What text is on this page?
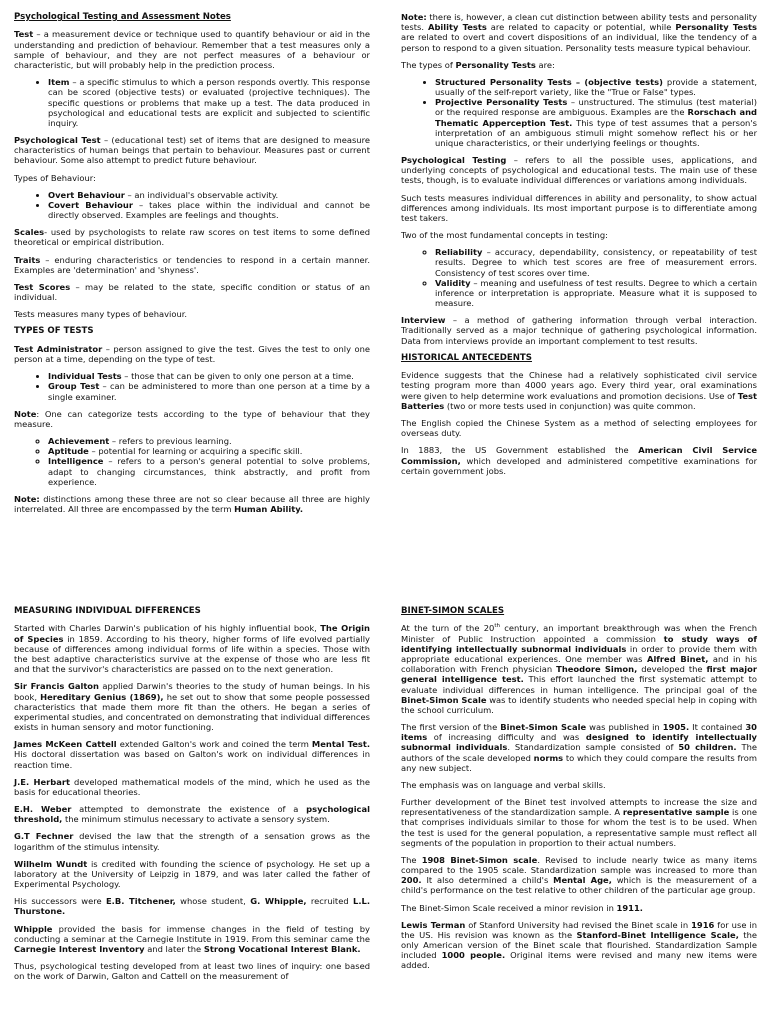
Psychological Testing and Assessment Notes

Test – a measurement device or technique used to quantify behaviour or aid in the understanding and prediction of behaviour. Remember that a test measures only a sample of behaviour, and they are not perfect measures of a behaviour or characteristic, but will probably help in the prediction process.

• Item – a specific stimulus to which a person responds overtly. This response can be scored (objective tests) or evaluated (projective techniques). The specific questions or problems that make up a test. The data produced in psychological and educational tests are explicit and subjected to scientific inquiry.

Psychological Test – (educational test) set of items that are designed to measure characteristics of human beings that pertain to behaviour. Measures past or current behaviour. Some also attempt to predict future behaviour.

Types of Behaviour:

• Overt Behaviour – an individual's observable activity.
• Covert Behaviour – takes place within the individual and cannot be directly observed. Examples are feelings and thoughts.

Scales- used by psychologists to relate raw scores on test items to some defined theoretical or empirical distribution.

Traits – enduring characteristics or tendencies to respond in a certain manner. Examples are 'determination' and 'shyness'.

Test Scores – may be related to the state, specific condition or status of an individual.

Tests measures many types of behaviour.

TYPES OF TESTS

Test Administrator – person assigned to give the test. Gives the test to only one person at a time, depending on the type of test.

• Individual Tests – those that can be given to only one person at a time.
• Group Test – can be administered to more than one person at a time by a single examiner.

Note: One can categorize tests according to the type of behaviour that they measure.

◦ Achievement – refers to previous learning.
◦ Aptitude – potential for learning or acquiring a specific skill.
◦ Intelligence – refers to a person's general potential to solve problems, adapt to changing circumstances, think abstractly, and profit from experience.

Note: distinctions among these three are not so clear because all three are highly interrelated. All three are encompassed by the term Human Ability.

Note: there is, however, a clean cut distinction between ability tests and personality tests. Ability Tests are related to capacity or potential, while Personality Tests are related to overt and covert dispositions of an individual, like the tendency of a person to respond to a given situation. Personality tests measure typical behaviour.

The types of Personality Tests are:

• Structured Personality Tests – (objective tests) provide a statement, usually of the self-report variety, like the "True or False" types.
• Projective Personality Tests – unstructured. The stimulus (test material) or the required response are ambiguous. Examples are the Rorschach and Thematic Apperception Test. This type of test assumes that a person's interpretation of an ambiguous stimuli might somehow reflect his or her unique characteristics, or their underlying feelings or thoughts.

Psychological Testing – refers to all the possible uses, applications, and underlying concepts of psychological and educational tests. The main use of these tests, though, is to evaluate individual differences or variations among individuals.

Such tests measures individual differences in ability and personality, to show actual differences among individuals. Its most important purpose is to differentiate among test takers.

Two of the most fundamental concepts in testing:

◦ Reliability – accuracy, dependability, consistency, or repeatability of test results. Degree to which test scores are free of measurement errors. Consistency of test scores over time.
◦ Validity – meaning and usefulness of test results. Degree to which a certain inference or interpretation is appropriate. Measure what it is supposed to measure.

Interview – a method of gathering information through verbal interaction. Traditionally served as a major technique of gathering psychological information. Data from interviews provide an important complement to test results.

HISTORICAL ANTECEDENTS

Evidence suggests that the Chinese had a relatively sophisticated civil service testing program more than 4000 years ago. Every third year, oral examinations were given to help determine work evaluations and promotion decisions. Use of Test Batteries (two or more tests used in conjunction) was quite common.

The English copied the Chinese System as a method of selecting employees for overseas duty.

In 1883, the US Government established the American Civil Service Commission, which developed and administered competitive examinations for certain government jobs.

MEASURING INDIVIDUAL DIFFERENCES

Started with Charles Darwin's publication of his highly influential book, The Origin of Species in 1859. According to his theory, higher forms of life evolved partially because of differences among individual forms of life within a species. Those with the best adaptive characteristics survive at the expense of those who are less fit and that the survivor's characteristics are passed on to the next generation.

Sir Francis Galton applied Darwin's theories to the study of human beings. In his book, Hereditary Genius (1869), he set out to show that some people possessed characteristics that made them more fit than the others. He began a series of experimental studies, and concentrated on demonstrating that individual differences exists in human sensory and motor functioning.

James McKeen Cattell extended Galton's work and coined the term Mental Test. His doctoral dissertation was based on Galton's work on individual differences in reaction time.

J.E. Herbart developed mathematical models of the mind, which he used as the basis for educational theories.

E.H. Weber attempted to demonstrate the existence of a psychological threshold, the minimum stimulus necessary to activate a sensory system.

G.T Fechner devised the law that the strength of a sensation grows as the logarithm of the stimulus intensity.

Wilhelm Wundt is credited with founding the science of psychology. He set up a laboratory at the University of Leipzig in 1879, and was later called the father of Experimental Psychology.

His successors were E.B. Titchener, whose student, G. Whipple, recruited L.L. Thurstone.

Whipple provided the basis for immense changes in the field of testing by conducting a seminar at the Carnegie Institute in 1919. From this seminar came the Carnegie Interest Inventory and later the Strong Vocational Interest Blank.

Thus, psychological testing developed from at least two lines of inquiry: one based on the work of Darwin, Galton and Cattell on the measurement of

BINET-SIMON SCALES

At the turn of the 20th century, an important breakthrough was when the French Minister of Public Instruction appointed a commission to study ways of identifying intellectually subnormal individuals in order to provide them with appropriate educational experiences. One member was Alfred Binet, and in his collaboration with French physician Theodore Simon, developed the first major general intelligence test. This effort launched the first systematic attempt to evaluate individual differences in human intelligence. The principal goal of the Binet-Simon Scale was to identify students who needed special help in coping with the school curriculum.

The first version of the Binet-Simon Scale was published in 1905. It contained 30 items of increasing difficulty and was designed to identify intellectually subnormal individuals. Standardization sample consisted of 50 children. The authors of the scale developed norms to which they could compare the results from any new subject.

The emphasis was on language and verbal skills.

Further development of the Binet test involved attempts to increase the size and representativeness of the standardization sample. A representative sample is one that comprises individuals similar to those for whom the test is to be used. When the test is used for the general population, a representative sample must reflect all segments of the population in proportion to their actual numbers.

The 1908 Binet-Simon scale. Revised to include nearly twice as many items compared to the 1905 scale. Standardization sample was increased to more than 200. It also determined a child's Mental Age, which is the measurement of a child's performance on the test relative to other children of the particular age group.

The Binet-Simon Scale received a minor revision in 1911.

Lewis Terman of Stanford University had revised the Binet scale in 1916 for use in the US. His revision was known as the Stanford-Binet Intelligence Scale, the only American version of the Binet scale that flourished. Standardization Sample included 1000 people. Original items were revised and many new items were added.
